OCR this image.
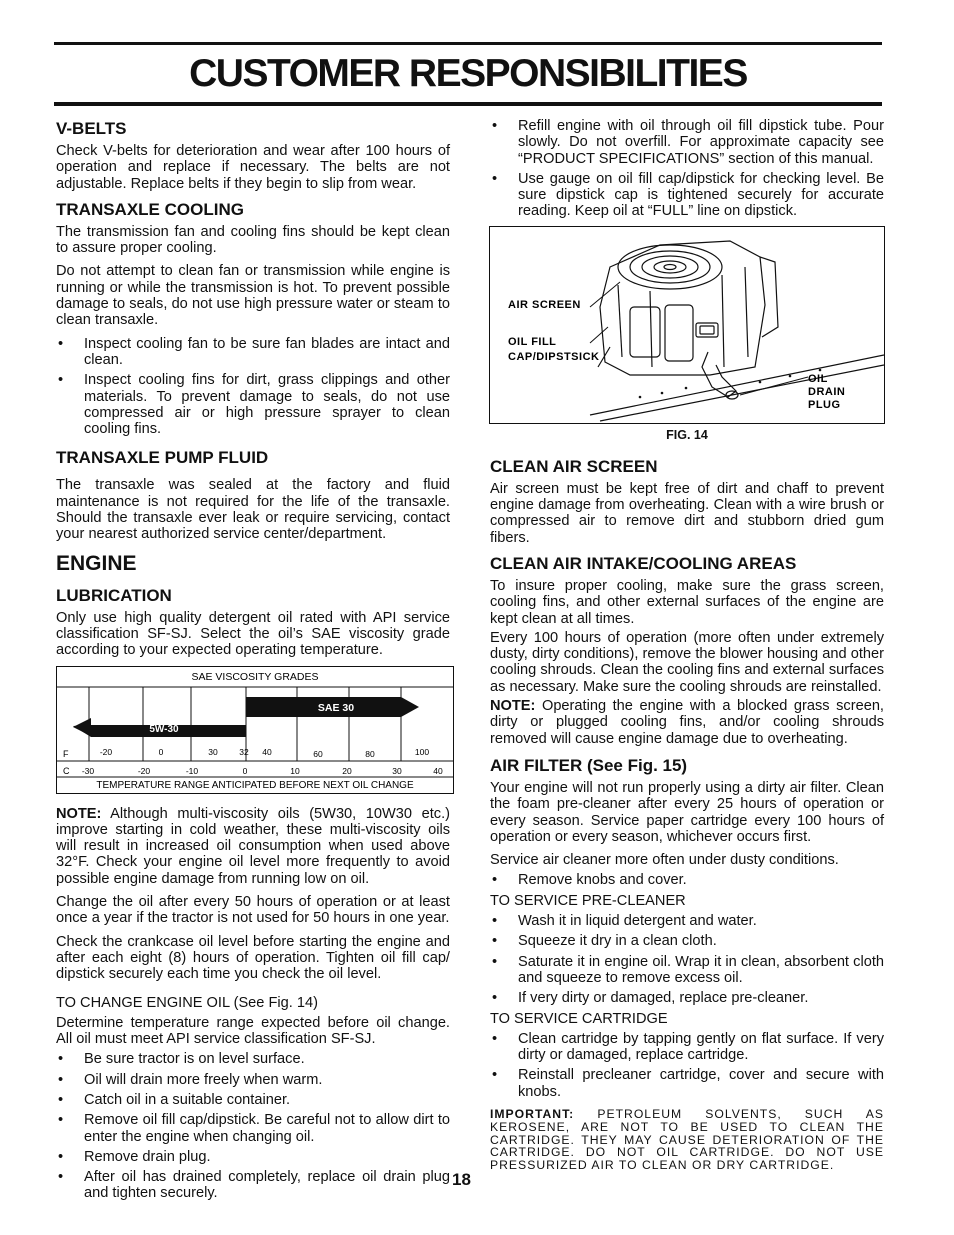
CUSTOMER RESPONSIBILITIES
V-BELTS

Check V-belts for deterioration and wear after 100 hours of operation and replace if necessary. The belts are not adjustable. Replace belts if they begin to slip from wear.

TRANSAXLE COOLING

The transmission fan and cooling fins should be kept clean to assure proper cooling.

Do not attempt to clean fan or transmission while engine is running or while the transmission is hot. To prevent possible damage to seals, do not use high pressure water or steam to clean transaxle.

• Inspect cooling fan to be sure fan blades are intact and clean.
• Inspect cooling fins for dirt, grass clippings and other materials. To prevent damage to seals, do not use compressed air or high pressure sprayer to clean cooling fins.
TRANSAXLE PUMP FLUID

The transaxle was sealed at the factory and fluid maintenance is not required for the life of the transaxle. Should the transaxle ever leak or require servicing, contact your nearest authorized service center/department.

ENGINE
LUBRICATION

Only use high quality detergent oil rated with API service classification SF-SJ. Select the oil’s SAE viscosity grade according to your expected operating temperature.

SAE VISCOSITY GRADES
SAE 30
5W-30
F
C
-20	0	30	32 40	60	80	100
-30	-20	-10	0	10	20	30	40
TEMPERATURE RANGE ANTICIPATED BEFORE NEXT OIL CHANGE

NOTE: Although multi-viscosity oils (5W30, 10W30 etc.) improve starting in cold weather, these multi-viscosity oils will result in increased oil consumption when used above 32°F. Check your engine oil level more frequently to avoid possible engine damage from running low on oil.

Change the oil after every 50 hours of operation or at least once a year if the tractor is not used for 50 hours in one year.

Check the crankcase oil level before starting the engine and after each eight (8) hours of operation. Tighten oil fill cap/ dipstick securely each time you check the oil level.

TO CHANGE ENGINE OIL (See Fig. 14)

Determine temperature range expected before oil change. All oil must meet API service classification SF-SJ.

• Be sure tractor is on level surface.
• Oil will drain more freely when warm.
• Catch oil in a suitable container.
• Remove oil fill cap/dipstick. Be careful not to allow dirt to enter the engine when changing oil.
• Remove drain plug.
• After oil has drained completely, replace oil drain plug and tighten securely.
• Refill engine with oil through oil fill dipstick tube. Pour slowly. Do not overfill. For approximate capacity see “PRODUCT SPECIFICATIONS” section of this manual.
• Use gauge on oil fill cap/dipstick for checking level. Be sure dipstick cap is tightened securely for accurate reading. Keep oil at “FULL” line on dipstick.
AIR SCREEN
OIL FILL
CAP/DIPSTSICK
OIL
DRAIN
PLUG
FIG. 14
CLEAN AIR SCREEN

Air screen must be kept free of dirt and chaff to prevent engine damage from overheating. Clean with a wire brush or compressed air to remove dirt and stubborn dried gum fibers.

CLEAN AIR INTAKE/COOLING AREAS

To insure proper cooling, make sure the grass screen, cooling fins, and other external surfaces of the engine are kept clean at all times.

Every 100 hours of operation (more often under extremely dusty, dirty conditions), remove the blower housing and other cooling shrouds. Clean the cooling fins and external surfaces as necessary. Make sure the cooling shrouds are reinstalled.

NOTE: Operating the engine with a blocked grass screen, dirty or plugged cooling fins, and/or cooling shrouds removed will cause engine damage due to overheating.

AIR FILTER (See Fig. 15)

Your engine will not run properly using a dirty air filter. Clean the foam pre-cleaner after every 25 hours of operation or every season. Service paper cartridge every 100 hours of operation or every season, whichever occurs first.

Service air cleaner more often under dusty conditions.

• Remove knobs and cover.

TO SERVICE PRE-CLEANER

• Wash it in liquid detergent and water.
• Squeeze it dry in a clean cloth.
• Saturate it in engine oil. Wrap it in clean, absorbent cloth and squeeze to remove excess oil.
• If very dirty or damaged, replace pre-cleaner.

TO SERVICE CARTRIDGE

• Clean cartridge by tapping gently on flat surface. If very dirty or damaged, replace cartridge.
• Reinstall precleaner cartridge, cover and secure with knobs.

IMPORTANT: PETROLEUM SOLVENTS, SUCH AS KEROSENE, ARE NOT TO BE USED TO CLEAN THE CARTRIDGE. THEY MAY CAUSE DETERIORATION OF THE CARTRIDGE. DO NOT OIL CARTRIDGE. DO NOT USE PRESSURIZED AIR TO CLEAN OR DRY CARTRIDGE.

18
